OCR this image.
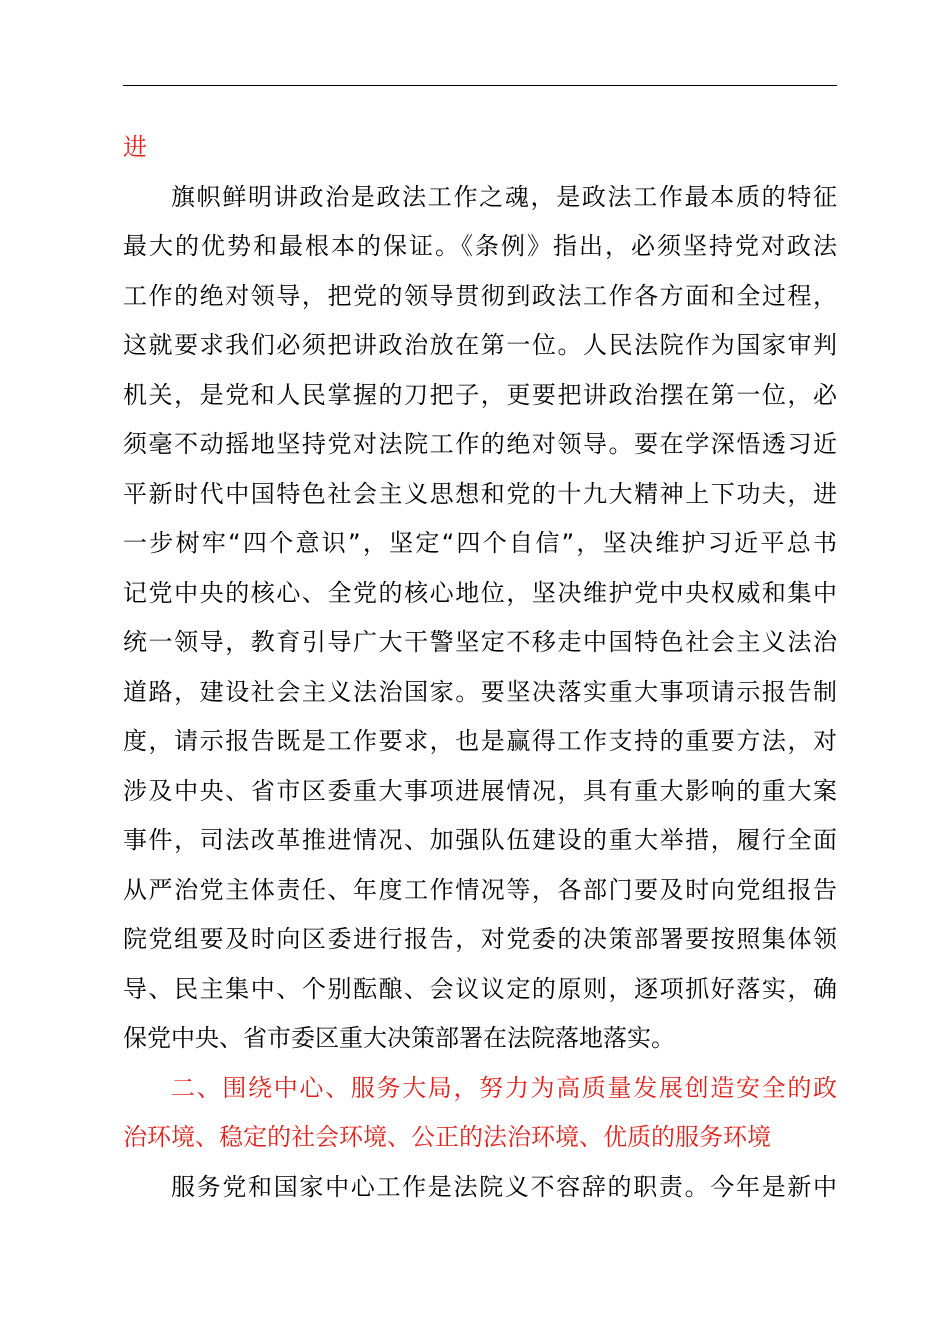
进
旗帜鲜明讲政治是政法工作之魂，是政法工作最本质的特征
最大的优势和最根本的保证。《条例》指出，必须坚持党对政法
工作的绝对领导，把党的领导贯彻到政法工作各方面和全过程，
这就要求我们必须把讲政治放在第一位。人民法院作为国家审判
机关，是党和人民掌握的刀把子，更要把讲政治摆在第一位，必
须毫不动摇地坚持党对法院工作的绝对领导。要在学深悟透习近
平新时代中国特色社会主义思想和党的十九大精神上下功夫，进
一步树牢“四个意识”，坚定“四个自信”，坚决维护习近平总书
记党中央的核心、全党的核心地位，坚决维护党中央权威和集中
统一领导，教育引导广大干警坚定不移走中国特色社会主义法治
道路，建设社会主义法治国家。要坚决落实重大事项请示报告制
度，请示报告既是工作要求，也是赢得工作支持的重要方法，对
涉及中央、省市区委重大事项进展情况，具有重大影响的重大案
事件，司法改革推进情况、加强队伍建设的重大举措，履行全面
从严治党主体责任、年度工作情况等，各部门要及时向党组报告
院党组要及时向区委进行报告，对党委的决策部署要按照集体领
导、民主集中、个别酝酿、会议议定的原则，逐项抓好落实，确
保党中央、省市委区重大决策部署在法院落地落实。
二、围绕中心、服务大局，努力为高质量发展创造安全的政
治环境、稳定的社会环境、公正的法治环境、优质的服务环境
服务党和国家中心工作是法院义不容辞的职责。今年是新中
